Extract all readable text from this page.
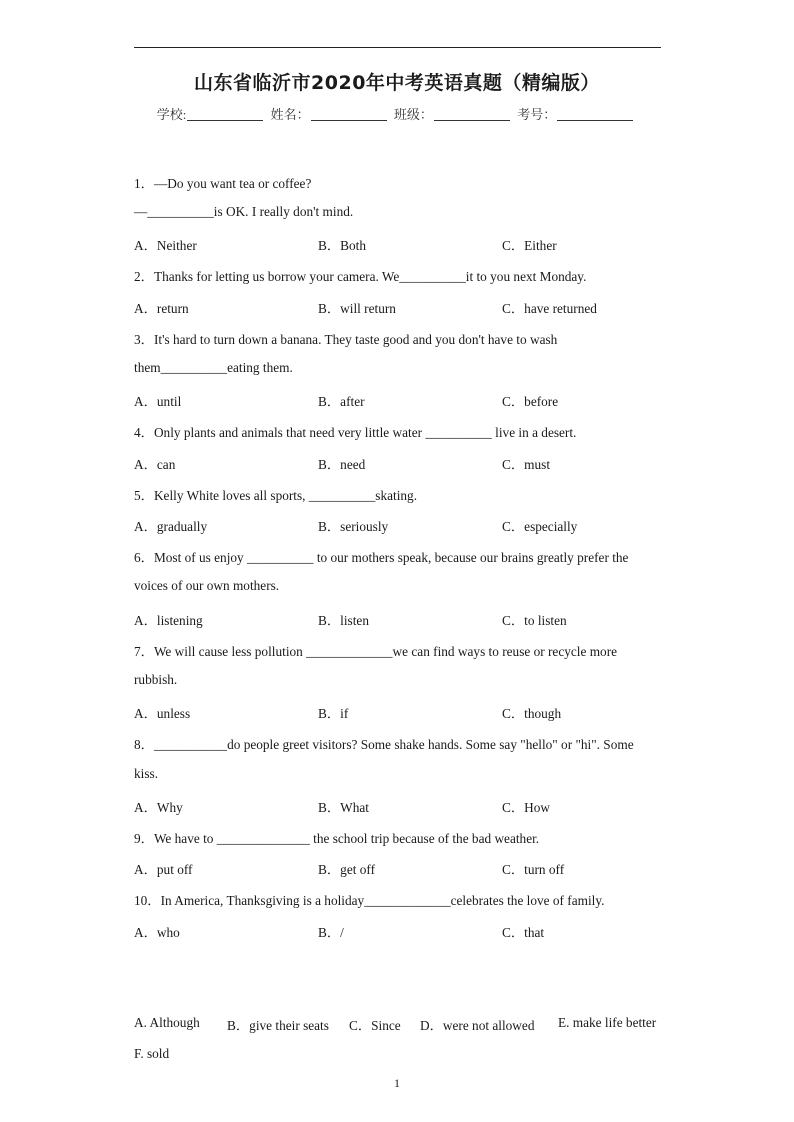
山东省临沂市2020年中考英语真题（精编版）
学校:	姓名：	班级：	考号：
1．—Do you want tea or coffee?
—__________is OK. I really don't mind.
A．Neither	B．Both	C．Either
2．Thanks for letting us borrow your camera. We__________it to you next Monday.
A．return	B．will return	C．have returned
3．It's hard to turn down a banana. They taste good and you don't have to wash
them__________eating them.
A．until	B．after	C．before
4．Only plants and animals that need very little water __________ live in a desert.
A．can	B．need	C．must
5．Kelly White loves all sports, __________skating.
A．gradually	B．seriously	C．especially
6．Most of us enjoy __________ to our mothers speak, because our brains greatly prefer the
voices of our own mothers.
A．listening	B．listen	C．to listen
7．We will cause less pollution _____________we can find ways to reuse or recycle more
rubbish.
A．unless	B．if	C．though
8．___________do people greet visitors? Some shake hands. Some say "hello" or "hi". Some
kiss.
A．Why	B．What	C．How
9．We have to ______________ the school trip because of the bad weather.
A．put off	B．get off	C．turn off
10．In America, Thanksgiving is a holiday_____________celebrates the love of family.
A．who	B．/	C．that
A. Although B．give their seats C．Since D．were not allowed E. make life better
F. sold
1
